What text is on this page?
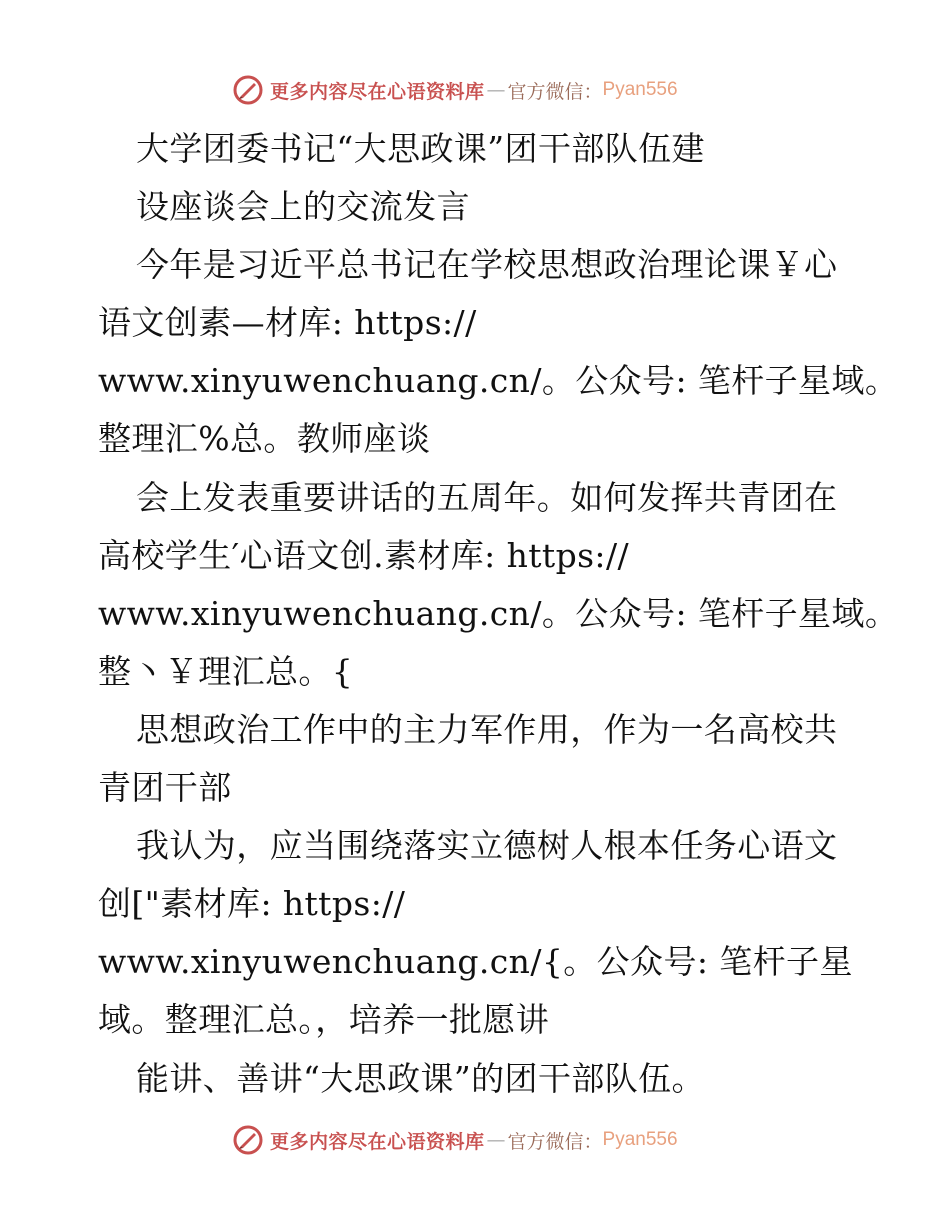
更多内容尽在心语资料库 — 官方微信： Pyan556
大学团委书记“大思政课”团干部队伍建
设座谈会上的交流发言
今年是习近平总书记在学校思想政治理论课￥心
语文创素—材库: https://
www.xinyuwenchuang.cn/。公众号: 笔杆子星域。
整理汇%总。教师座谈
会上发表重要讲话的五周年。如何发挥共青团在
高校学生′心语文创.素材库: https://
www.xinyuwenchuang.cn/。公众号: 笔杆子星域。
整丶￥理汇总。{
思想政治工作中的主力军作用，作为一名高校共
青团干部
我认为，应当围绕落实立德树人根本任务心语文
创["素材库: https://
www.xinyuwenchuang.cn/{。公众号: 笔杆子星
域。整理汇总。，培养一批愿讲
能讲、善讲“大思政课”的团干部队伍。
更多内容尽在心语资料库 — 官方微信： Pyan556
